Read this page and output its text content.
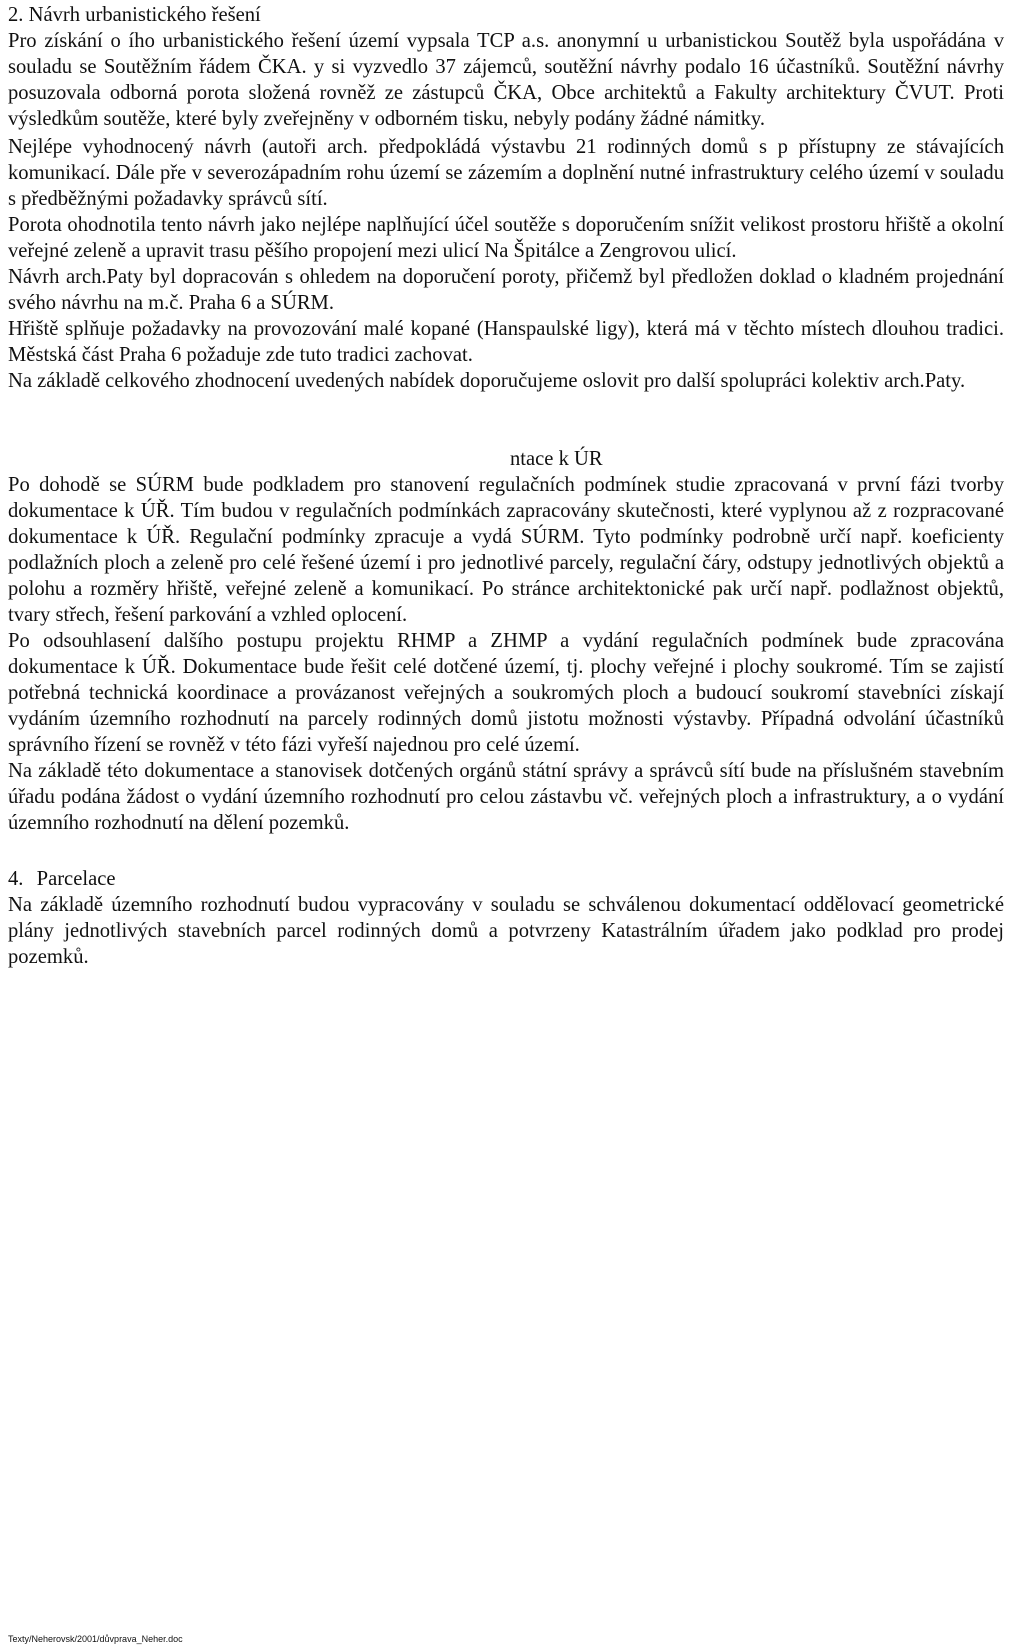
2. Návrh urbanistického řešení

Pro získání o ího urbanistického řešení území vypsala TCP a.s. anonymní u urbanistickou Soutěž byla uspořádána v souladu se Soutěžním řádem ČKA. y si vyzvedlo 37 zájemců, soutěžní návrhy podalo 16 účastníků. Soutěžní návrhy posuzovala odborná porota složená rovněž ze zástupců ČKA, Obce architektů a Fakulty architektury ČVUT. Proti výsledkům soutěže, které byly zveřejněny v odborném tisku, nebyly podány žádné námitky.

Nejlépe vyhodnocený návrh (autoři arch. předpokládá výstavbu 21 rodinných domů s p přístupny ze stávajících komunikací. Dále pře v severozápadním rohu území se zázemím a doplnění nutné infrastruktury celého území v souladu s předběžnými požadavky správců sítí.

Porota ohodnotila tento návrh jako nejlépe naplňující účel soutěže s doporučením snížit velikost prostoru hřiště a okolní veřejné zeleně a upravit trasu pěšího propojení mezi ulicí Na Špitálce a Zengrovou ulicí.

Návrh arch.Paty byl dopracován s ohledem na doporučení poroty, přičemž byl předložen doklad o kladném projednání svého návrhu na m.č. Praha 6 a SÚRM.

Hřiště splňuje požadavky na provozování malé kopané (Hanspaulské ligy), která má v těchto místech dlouhou tradici. Městská část Praha 6 požaduje zde tuto tradici zachovat.

Na základě celkového zhodnocení uvedených nabídek doporučujeme oslovit pro další spolupráci kolektiv arch.Paty.

ntace k ÚR

Po dohodě se SÚRM bude podkladem pro stanovení regulačních podmínek studie zpracovaná v první fázi tvorby dokumentace k ÚŘ. Tím budou v regulačních podmínkách zapracovány skutečnosti, které vyplynou až z rozpracované dokumentace k ÚŘ. Regulační podmínky zpracuje a vydá SÚRM. Tyto podmínky podrobně určí např. koeficienty podlažních ploch a zeleně pro celé řešené území i pro jednotlivé parcely, regulační čáry, odstupy jednotlivých objektů a polohu a rozměry hřiště, veřejné zeleně a komunikací. Po stránce architektonické pak určí např. podlažnost objektů, tvary střech, řešení parkování a vzhled oplocení.

Po odsouhlasení dalšího postupu projektu RHMP a ZHMP a vydání regulačních podmínek bude zpracována dokumentace k ÚŘ. Dokumentace bude řešit celé dotčené území, tj. plochy veřejné i plochy soukromé. Tím se zajistí potřebná technická koordinace a provázanost veřejných a soukromých ploch a budoucí soukromí stavebníci získají vydáním územního rozhodnutí na parcely rodinných domů jistotu možnosti výstavby. Případná odvolání účastníků správního řízení se rovněž v této fázi vyřeší najednou pro celé území.

Na základě této dokumentace a stanovisek dotčených orgánů státní správy a správců sítí bude na příslušném stavebním úřadu podána žádost o vydání územního rozhodnutí pro celou zástavbu vč. veřejných ploch a infrastruktury, a o vydání územního rozhodnutí na dělení pozemků.

4. Parcelace

Na základě územního rozhodnutí budou vypracovány v souladu se schválenou dokumentací oddělovací geometrické plány jednotlivých stavebních parcel rodinných domů a potvrzeny Katastrálním úřadem jako podklad pro prodej pozemků.

Texty/Neherovsk/2001/důvprava_Neher.doc
